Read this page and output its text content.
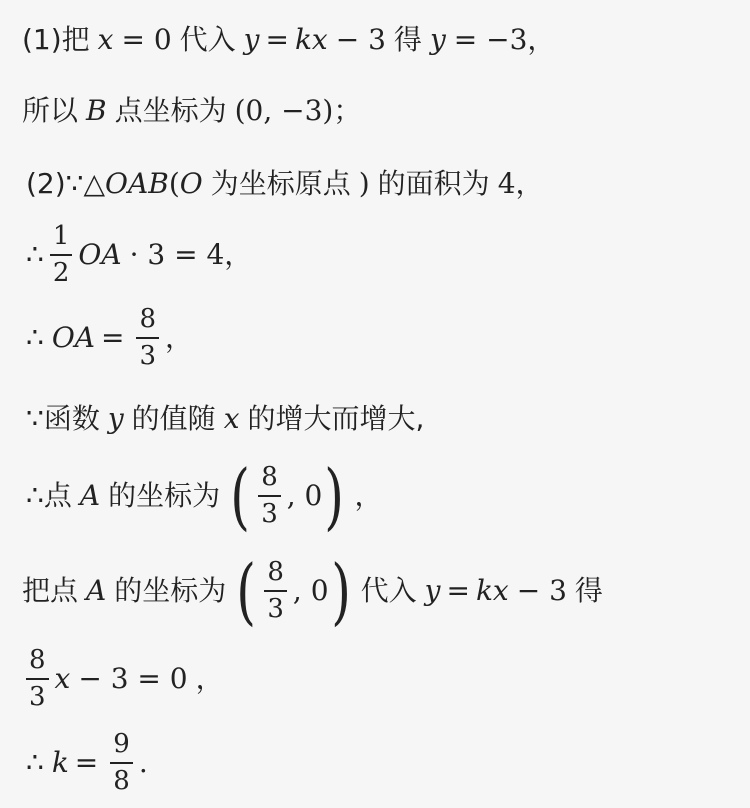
(1)把 x = 0 代入 y = kx − 3 得 y = −3 ，
所以 B 点坐标为 (0, −3) ；
(2) ∵ △ OAB ( O 为坐标原点 ) 的面积为 4 ，
∴ $\frac{1}{2}$ OA · 3 = 4 ，
∴ OA = $\frac{8}{3}$ ，
∵ 函数 y 的值随 x 的增大而增大,
∴ 点 A 的坐标为 ( $\frac{8}{3}$ , 0 ) ，
把点 A 的坐标为 ( $\frac{8}{3}$ , 0 ) 代入 y = kx − 3 得
$\frac{8}{3}$ x − 3 = 0 ，
∴ $k = \frac{9}{8}$ .
